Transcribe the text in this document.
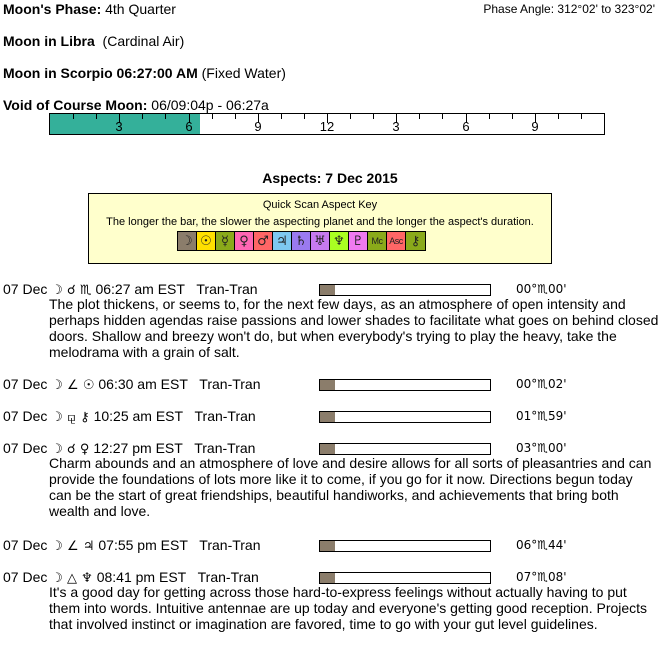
Moon's Phase: 4th Quarter	Phase Angle: 312°02' to 323°02'
Moon in Libra (Cardinal Air)
Moon in Scorpio 06:27:00 AM (Fixed Water)
Void of Course Moon: 06/09:04p - 06:27a
3	6	9	12	3	6	9
Aspects: 7 Dec 2015
Quick Scan Aspect Key
The longer the bar, the slower the aspecting planet and the longer the aspect's duration.
☽ ☉ ☿ ♀ ♂ ♃ ♄ ♅ ♆ ♇ Mc Asc ⚷
07 Dec ☽ ☌ ♏ 06:27 am EST Tran-Tran	00°♏00'
The plot thickens, or seems to, for the next few days, as an atmosphere of open intensity and perhaps hidden agendas raise passions and lower shades to facilitate what goes on behind closed doors. Shallow and breezy won't do, but when everybody's trying to play the heavy, take the melodrama with a grain of salt.
07 Dec ☽ ∠ ☉ 06:30 am EST Tran-Tran	00°♏02'
07 Dec ☽ ⚼ ⚷ 10:25 am EST Tran-Tran	01°♏59'
07 Dec ☽ ☌ ♀ 12:27 pm EST Tran-Tran	03°♏00'
Charm abounds and an atmosphere of love and desire allows for all sorts of pleasantries and can provide the foundations of lots more like it to come, if you go for it now. Directions begun today can be the start of great friendships, beautiful handiworks, and achievements that bring both wealth and love.
07 Dec ☽ ∠ ♃ 07:55 pm EST Tran-Tran	06°♏44'
07 Dec ☽ △ ♆ 08:41 pm EST Tran-Tran	07°♏08'
It's a good day for getting across those hard-to-express feelings without actually having to put them into words. Intuitive antennae are up today and everyone's getting good reception. Projects that involved instinct or imagination are favored, time to go with your gut level guidelines.
